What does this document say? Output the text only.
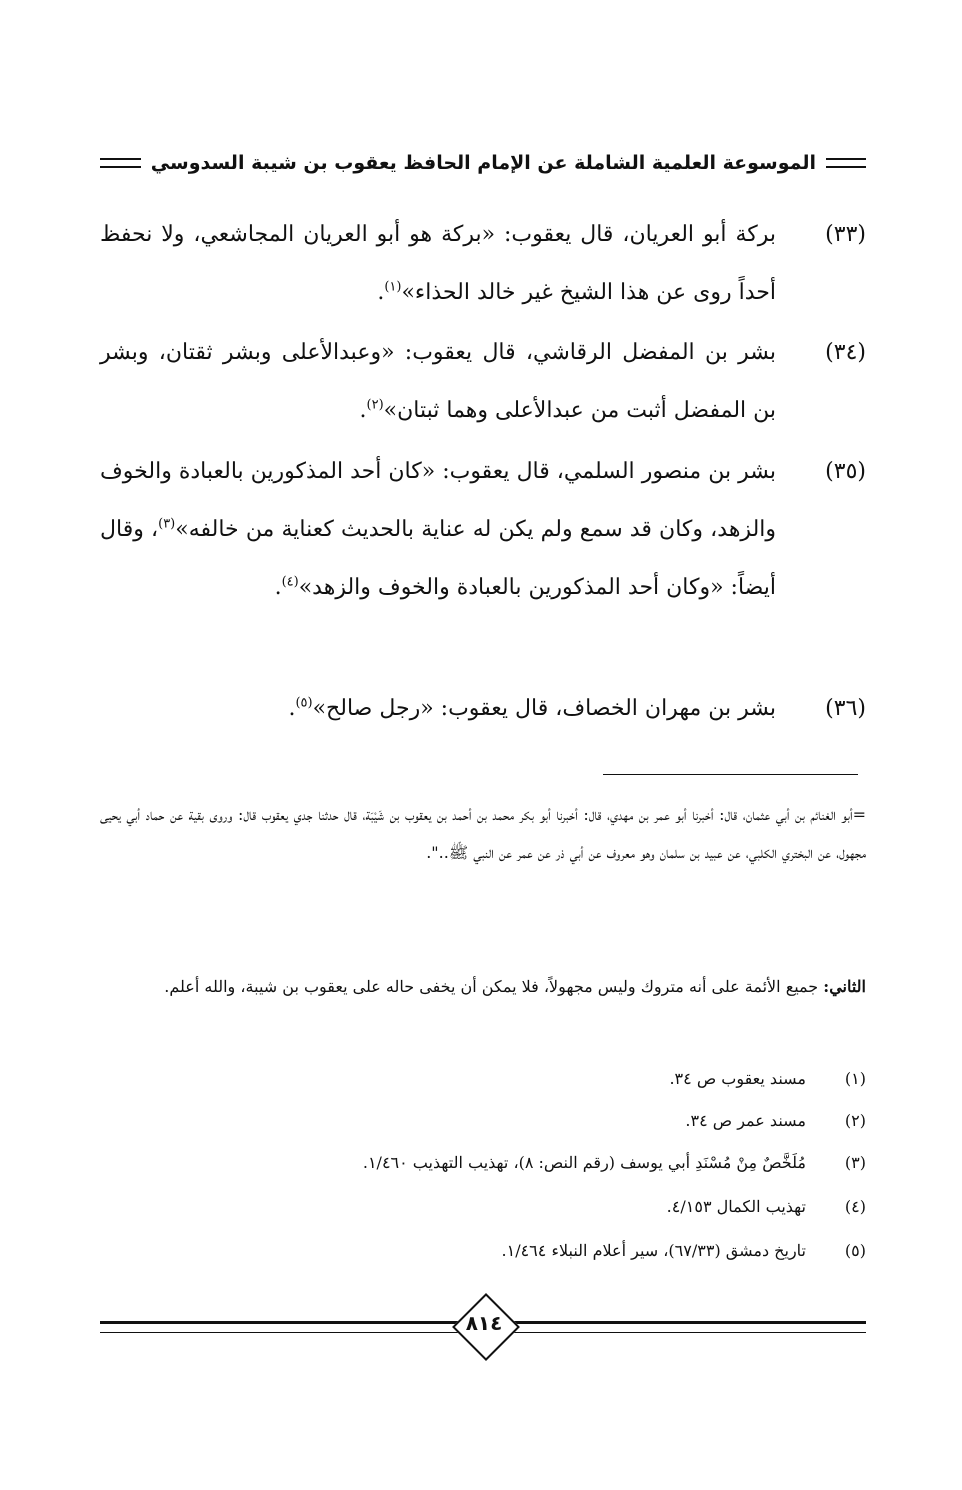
الموسوعة العلمية الشاملة عن الإمام الحافظ يعقوب بن شيبة السدوسي
(٣٣)
بركة أبو العريان، قال يعقوب: «بركة هو أبو العريان المجاشعي، ولا نحفظ أحداً روى عن هذا الشيخ غير خالد الحذاء»$^{(١)}$.
(٣٤)
بشر بن المفضل الرقاشي، قال يعقوب: «وعبدالأعلى وبشر ثقتان، وبشر بن المفضل أثبت من عبدالأعلى وهما ثبتان»$^{(٢)}$.
(٣٥)
بشر بن منصور السلمي، قال يعقوب: «كان أحد المذكورين بالعبادة والخوف والزهد، وكان قد سمع ولم يكن له عناية بالحديث كعناية من خالفه»$^{(٣)}$، وقال أيضاً: «وكان أحد المذكورين بالعبادة والخوف والزهد»$^{(٤)}$.
(٣٦)
بشر بن مهران الخصاف، قال يعقوب: «رجل صالح»$^{(٥)}$.
=أبو الغنائم بن أبي عثمان، قال: أخبرنا أبو عمر بن مهدي، قال: أخبرنا أبو بكر محمد بن أحمد بن يعقوب بن شَيْبَة، قال حدثنا جدي يعقوب قال: وروى بقية عن حماد أبي يحيى مجهول، عن البختري الكلبي، عن عبيد بن سلمان وهو معروف عن أبي ذر عن عمر عن النبي ﷺ..".
الثاني: جميع الأئمة على أنه متروك وليس مجهولاً، فلا يمكن أن يخفى حاله على يعقوب بن شيبة، والله أعلم.
(١)
مسند يعقوب ص ٣٤.
(٢)
مسند عمر ص ٣٤.
(٣)
مُلَخَّصٌ مِنْ مُسْنَدِ أبي يوسف (رقم النص: ٨)، تهذيب التهذيب ١/٤٦٠.
(٤)
تهذيب الكمال ٤/١٥٣.
(٥)
تاريخ دمشق (٦٧/٣٣)، سير أعلام النبلاء ١/٤٦٤.
٨١٤
